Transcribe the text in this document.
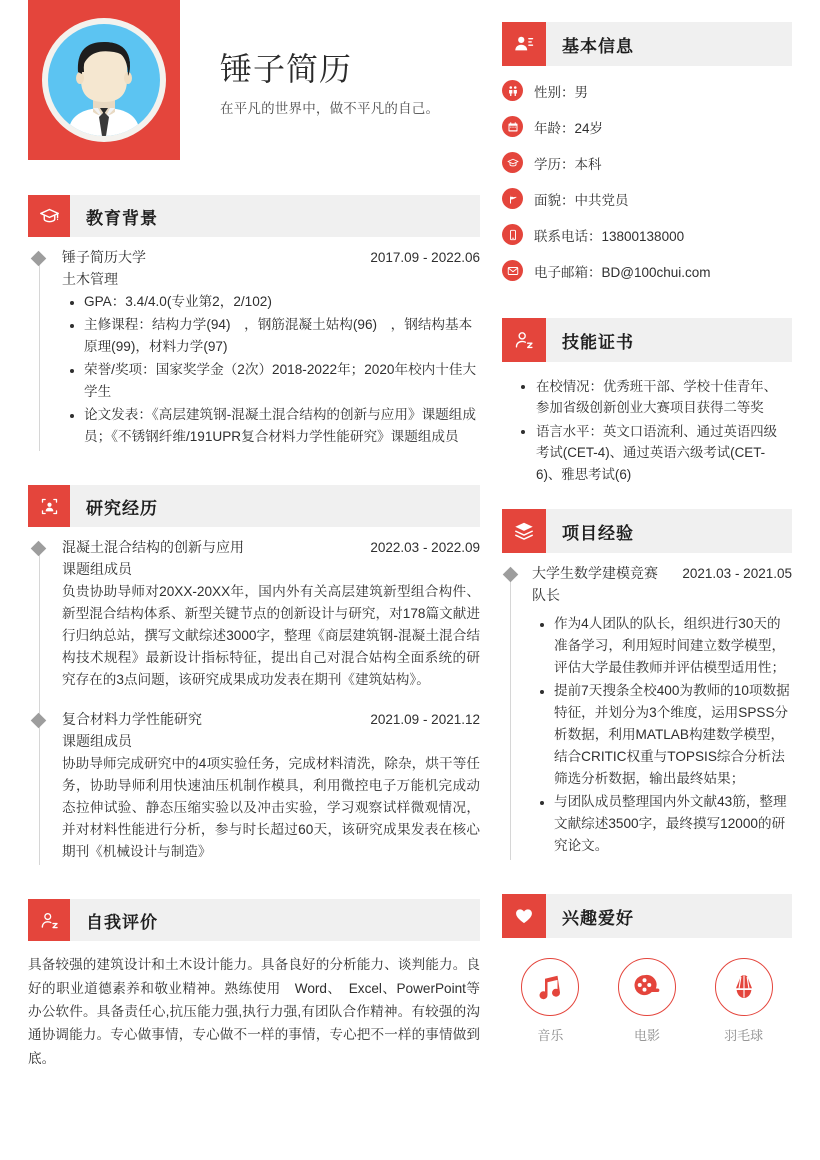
锤子简历
在平凡的世界中，做不平凡的自己。
教育背景
锤子简历大学	2017.09 - 2022.06
土木管理
• GPA：3.4/4.0(专业第2，2/102)
• 主修课程：结构力学(94)　，钢筋混凝土姑构(96)　，钢结构基本原理(99)，材料力学(97)
• 荣誉/奖项：国家奖学金（2次）2018-2022年；2020年校内十佳大学生
• 论文发表：《高层建筑钢-混凝土混合结构的创新与应用》课题组成员；《不锈钢纤维/191UPR复合材料力学性能研究》课题组成员
研究经历
混凝土混合结构的创新与应用	2022.03 - 2022.09
课题组成员
负贵协助导师对20XX-20XX年，国内外有关高层建筑新型组合构件、新型混合结构体系、新型关键节点的创新设计与研究，对178篇文献进行归纳总站，撰写文献综述3000字，整理《商层建筑钢-混凝土混合结构技术规程》最新设计指标特征，提出自己对混合姑构全面系统的研究存在的3点问题，该研究成果成功发表在期刊《建筑姑构》。
复合材料力学性能研究	2021.09 - 2021.12
课题组成员
协助导师完成研究中的4项实验任务，完成材料清洗，除杂，烘干等任务，协助导师利用快速油压机制作模具，利用微控电子万能机完成动态拉伸试验、静态压缩实验以及冲击实验，学习观察试样微观情况，并对材料性能进行分析，参与时长超过60天，该研究成果发表在核心期刊《机械设计与制造》
自我评价
具备较强的建筑设计和土木设计能力。具备良好的分析能力、谈判能力。良好的职业道德素养和敬业精神。熟练使用　Word、　Excel、PowerPoint等办公软件。具备责任心,抗压能力强,执行力强,有团队合作精神。有较强的沟通协调能力。专心做事情，专心做不一样的事情，专心把不一样的事情做到底。
基本信息
性别：男
年龄：24岁
学历：本科
面貌：中共党员
联系电话：13800138000
电子邮箱：BD@100chui.com
技能证书
• 在校情况：优秀班干部、学校十佳青年、参加省级创新创业大赛项目获得二等奖
• 语言水平：英文口语流利、通过英语四级考试(CET-4)、通过英语六级考试(CET-6)、雅思考试(6)
项目经验
大学生数学建模竞赛 2021.03 - 2021.05
队长
• 作为4人团队的队长，组织进行30天的准备学习，利用短时间建立数学模型，评估大学最佳教师并评估模型适用性；
• 提前7天搜条全校400为教师的10项数据特征，并划分为3个维度，运用SPSS分析数据，利用MATLAB构建数学模型，结合CRITIC权重与TOPSIS综合分析法筛选分析数据，输出最终姑果；
• 与团队成员整理国内外文献43筋，整理文献综述3500字，最终摸写12000的研究论文。
兴趣爱好
音乐	电影	羽毛球
